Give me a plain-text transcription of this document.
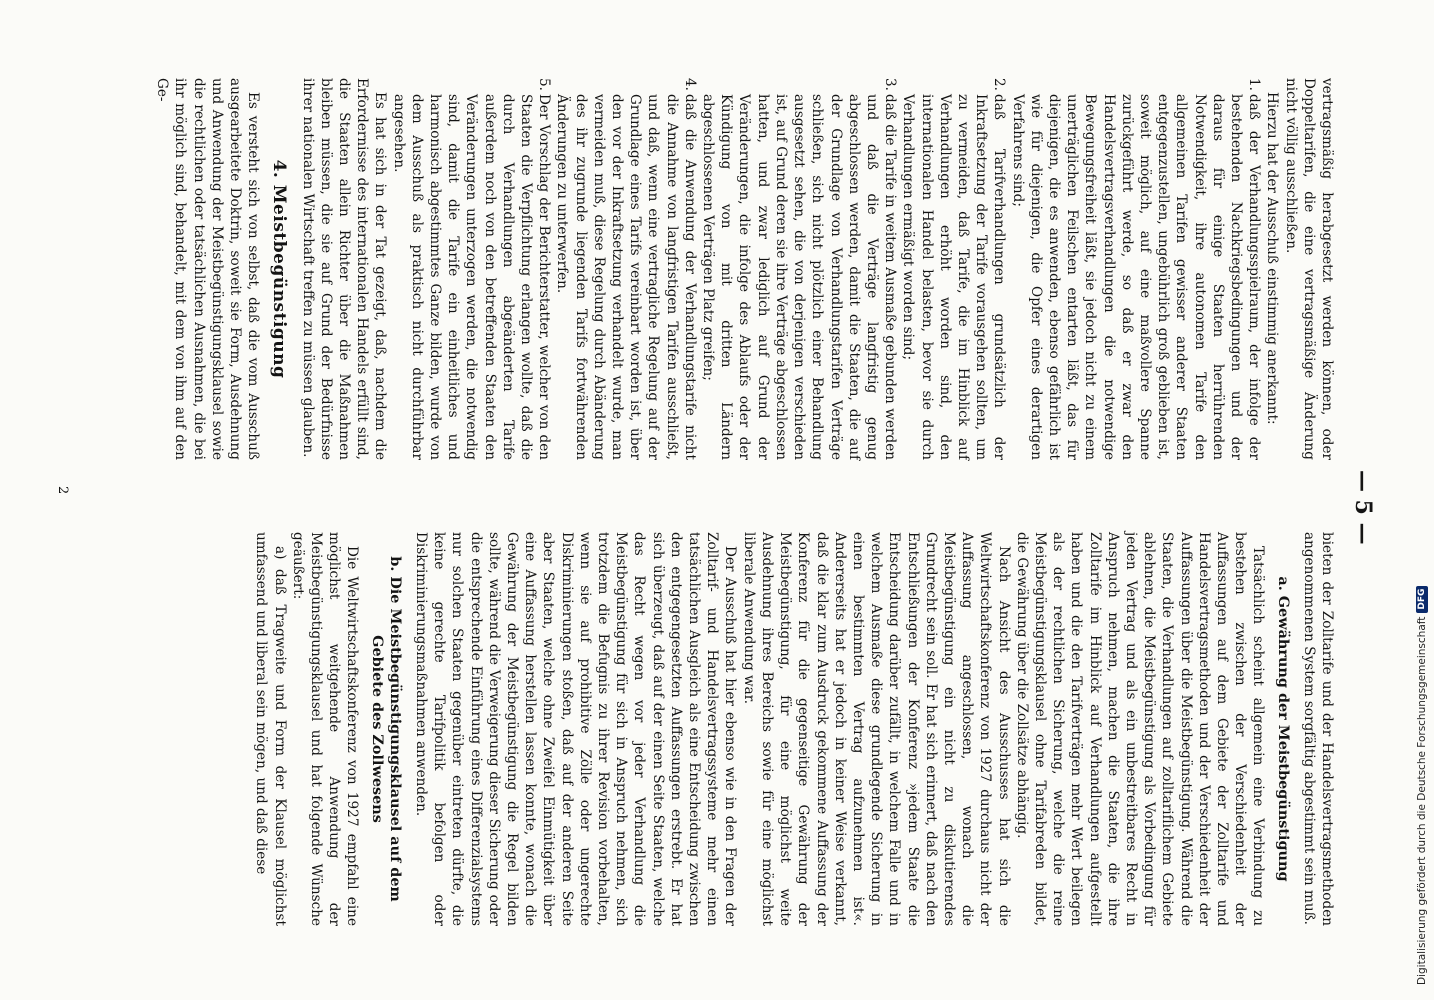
— 5 —

vertragsmäßig herabgesetzt werden können, oder Doppeltarifen, die eine vertragsmäßige Änderung nicht völlig ausschließen.

Hierzu hat der Ausschuß einstimmig anerkannt:

1.
daß der Verhandlungsspielraum, der infolge der bestehenden Nachkriegsbedingungen und der daraus für einige Staaten herrührenden Notwendigkeit, ihre autonomen Tarife den allgemeinen Tarifen gewisser anderer Staaten entgegenzustellen, ungebührlich groß geblieben ist, soweit möglich, auf eine maßvollere Spanne zurückgeführt werde, so daß er zwar den Handelsvertragsverhandlungen die notwendige Bewegungsfreiheit läßt, sie jedoch nicht zu einem unerträglichen Feilschen entarten läßt, das für diejenigen, die es anwenden, ebenso gefährlich ist wie für diejenigen, die Opfer eines derartigen Verfahrens sind;
2.
daß Tarifverhandlungen grundsätzlich der Inkraftsetzung der Tarife vorausgehen sollten, um zu vermeiden, daß Tarife, die im Hinblick auf Verhandlungen erhöht worden sind, den internationalen Handel belasten, bevor sie durch Verhandlungen ermäßigt worden sind;
3.
daß die Tarife in weitem Ausmaße gebunden werden und daß die Verträge langfristig genug abgeschlossen werden, damit die Staaten, die auf der Grundlage von Verhandlungstarifen Verträge schließen, sich nicht plötzlich einer Behandlung ausgesetzt sehen, die von derjenigen verschieden ist, auf Grund deren sie ihre Verträge abgeschlossen hatten, und zwar lediglich auf Grund der Veränderungen, die infolge des Ablaufs oder der Kündigung von mit dritten Ländern abgeschlossenen Verträgen Platz greifen;
4.
daß die Anwendung der Verhandlungstarife nicht die Annahme von langfristigen Tarifen ausschließt, und daß, wenn eine vertragliche Regelung auf der Grundlage eines Tarifs vereinbart worden ist, über den vor der Inkraftsetzung verhandelt wurde, man vermeiden muß, diese Regelung durch Abänderung des ihr zugrunde liegenden Tarifs fortwährenden Änderungen zu unterwerfen.
5.
Der Vorschlag der Berichterstatter, welcher von den Staaten die Verpflichtung erlangen wollte, daß die durch Verhandlungen abgeänderten Tarife außerdem noch von den betreffenden Staaten den Veränderungen unterzogen werden, die notwendig sind, damit die Tarife ein einheitliches und harmonisch abgestimmtes Ganze bilden, wurde von dem Ausschuß als praktisch nicht durchführbar angesehen.

Es hat sich in der Tat gezeigt, daß, nachdem die Erfordernisse des internationalen Handels erfüllt sind, die Staaten allein Richter über die Maßnahmen bleiben müssen, die sie auf Grund der Bedürfnisse ihrer nationalen Wirtschaft treffen zu müssen glauben.

4. Meistbegünstigung

Es versteht sich von selbst, daß die vom Ausschuß ausgearbeitete Doktrin, soweit sie Form, Ausdehnung und Anwendung der Meistbegünstigungsklausel sowie die rechtlichen oder tatsächlichen Ausnahmen, die bei ihr möglich sind, behandelt, mit dem von ihm auf den Ge-

bieten der Zolltarife und der Handelsvertragsmethoden angenommenen System sorgfältig abgestimmt sein muß.

a. Gewährung der Meistbegünstigung

Tatsächlich scheint allgemein eine Verbindung zu bestehen zwischen der Verschiedenheit der Auffassungen auf dem Gebiete der Zolltarife und Handelsvertragsmethoden und der Verschiedenheit der Auffassungen über die Meistbegünstigung. Während die Staaten, die Verhandlungen auf zolltariflichem Gebiete ablehnen, die Meistbegünstigung als Vorbedingung für jeden Vertrag und als ein unbestreitbares Recht in Anspruch nehmen, machen die Staaten, die ihre Zolltarife im Hinblick auf Verhandlungen aufgestellt haben und die den Tarifverträgen mehr Wert beilegen als der rechtlichen Sicherung, welche die reine Meistbegünstigungsklausel ohne Tarifabreden bildet, die Gewährung über die Zollsätze abhängig.

Nach Ansicht des Ausschusses hat sich die Weltwirtschaftskonferenz von 1927 durchaus nicht der Auffassung angeschlossen, wonach die Meistbegünstigung ein nicht zu diskutierendes Grundrecht sein soll. Er hat sich erinnert, daß nach den Entschließungen der Konferenz »jedem Staate die Entscheidung darüber zufällt, in welchem Falle und in welchem Ausmaße diese grundlegende Sicherung in einen bestimmten Vertrag aufzunehmen ist«. Andererseits hat er jedoch in keiner Weise verkannt, daß die klar zum Ausdruck gekommene Auffassung der Konferenz für die gegenseitige Gewährung der Meistbegünstigung, für eine möglichst weite Ausdehnung ihres Bereichs sowie für eine möglichst liberale Anwendung war.

Der Ausschuß hat hier ebenso wie in den Fragen der Zolltarif- und Handelsvertragssysteme mehr einen tatsächlichen Ausgleich als eine Entscheidung zwischen den entgegengesetzten Auffassungen erstrebt. Er hat sich überzeugt, daß auf der einen Seite Staaten, welche das Recht wegen vor jeder Verhandlung die Meistbegünstigung für sich in Anspruch nehmen, sich trotzdem die Befugnis zu ihrer Revision vorbehalten, wenn sie auf prohibitive Zölle oder ungerechte Diskriminierungen stoßen, daß auf der anderen Seite aber Staaten, welche ohne Zweifel Einmütigkeit über eine Auffassung herstellen lassen konnte, wonach die Gewährung der Meistbegünstigung die Regel bilden sollte, während die Verweigerung dieser Sicherung oder die entsprechende Einführung eines Differenzialsystems nur solchen Staaten gegenüber eintreten dürfte, die keine gerechte Tarifpolitik befolgen oder Diskriminierungsmaßnahmen anwenden.

b. Die Meistbegünstigungsklausel auf dem Gebiete des Zollwesens

Die Weltwirtschaftskonferenz von 1927 empfahl eine möglichst weitgehende Anwendung der Meistbegünstigungsklausel und hat folgende Wünsche geäußert:

a) daß Tragweite und Form der Klausel möglichst umfassend und liberal sein mögen, und daß diese

2
Digitalisierung gefördert durch die Deutsche Forschungsgemeinschaft
DFG
